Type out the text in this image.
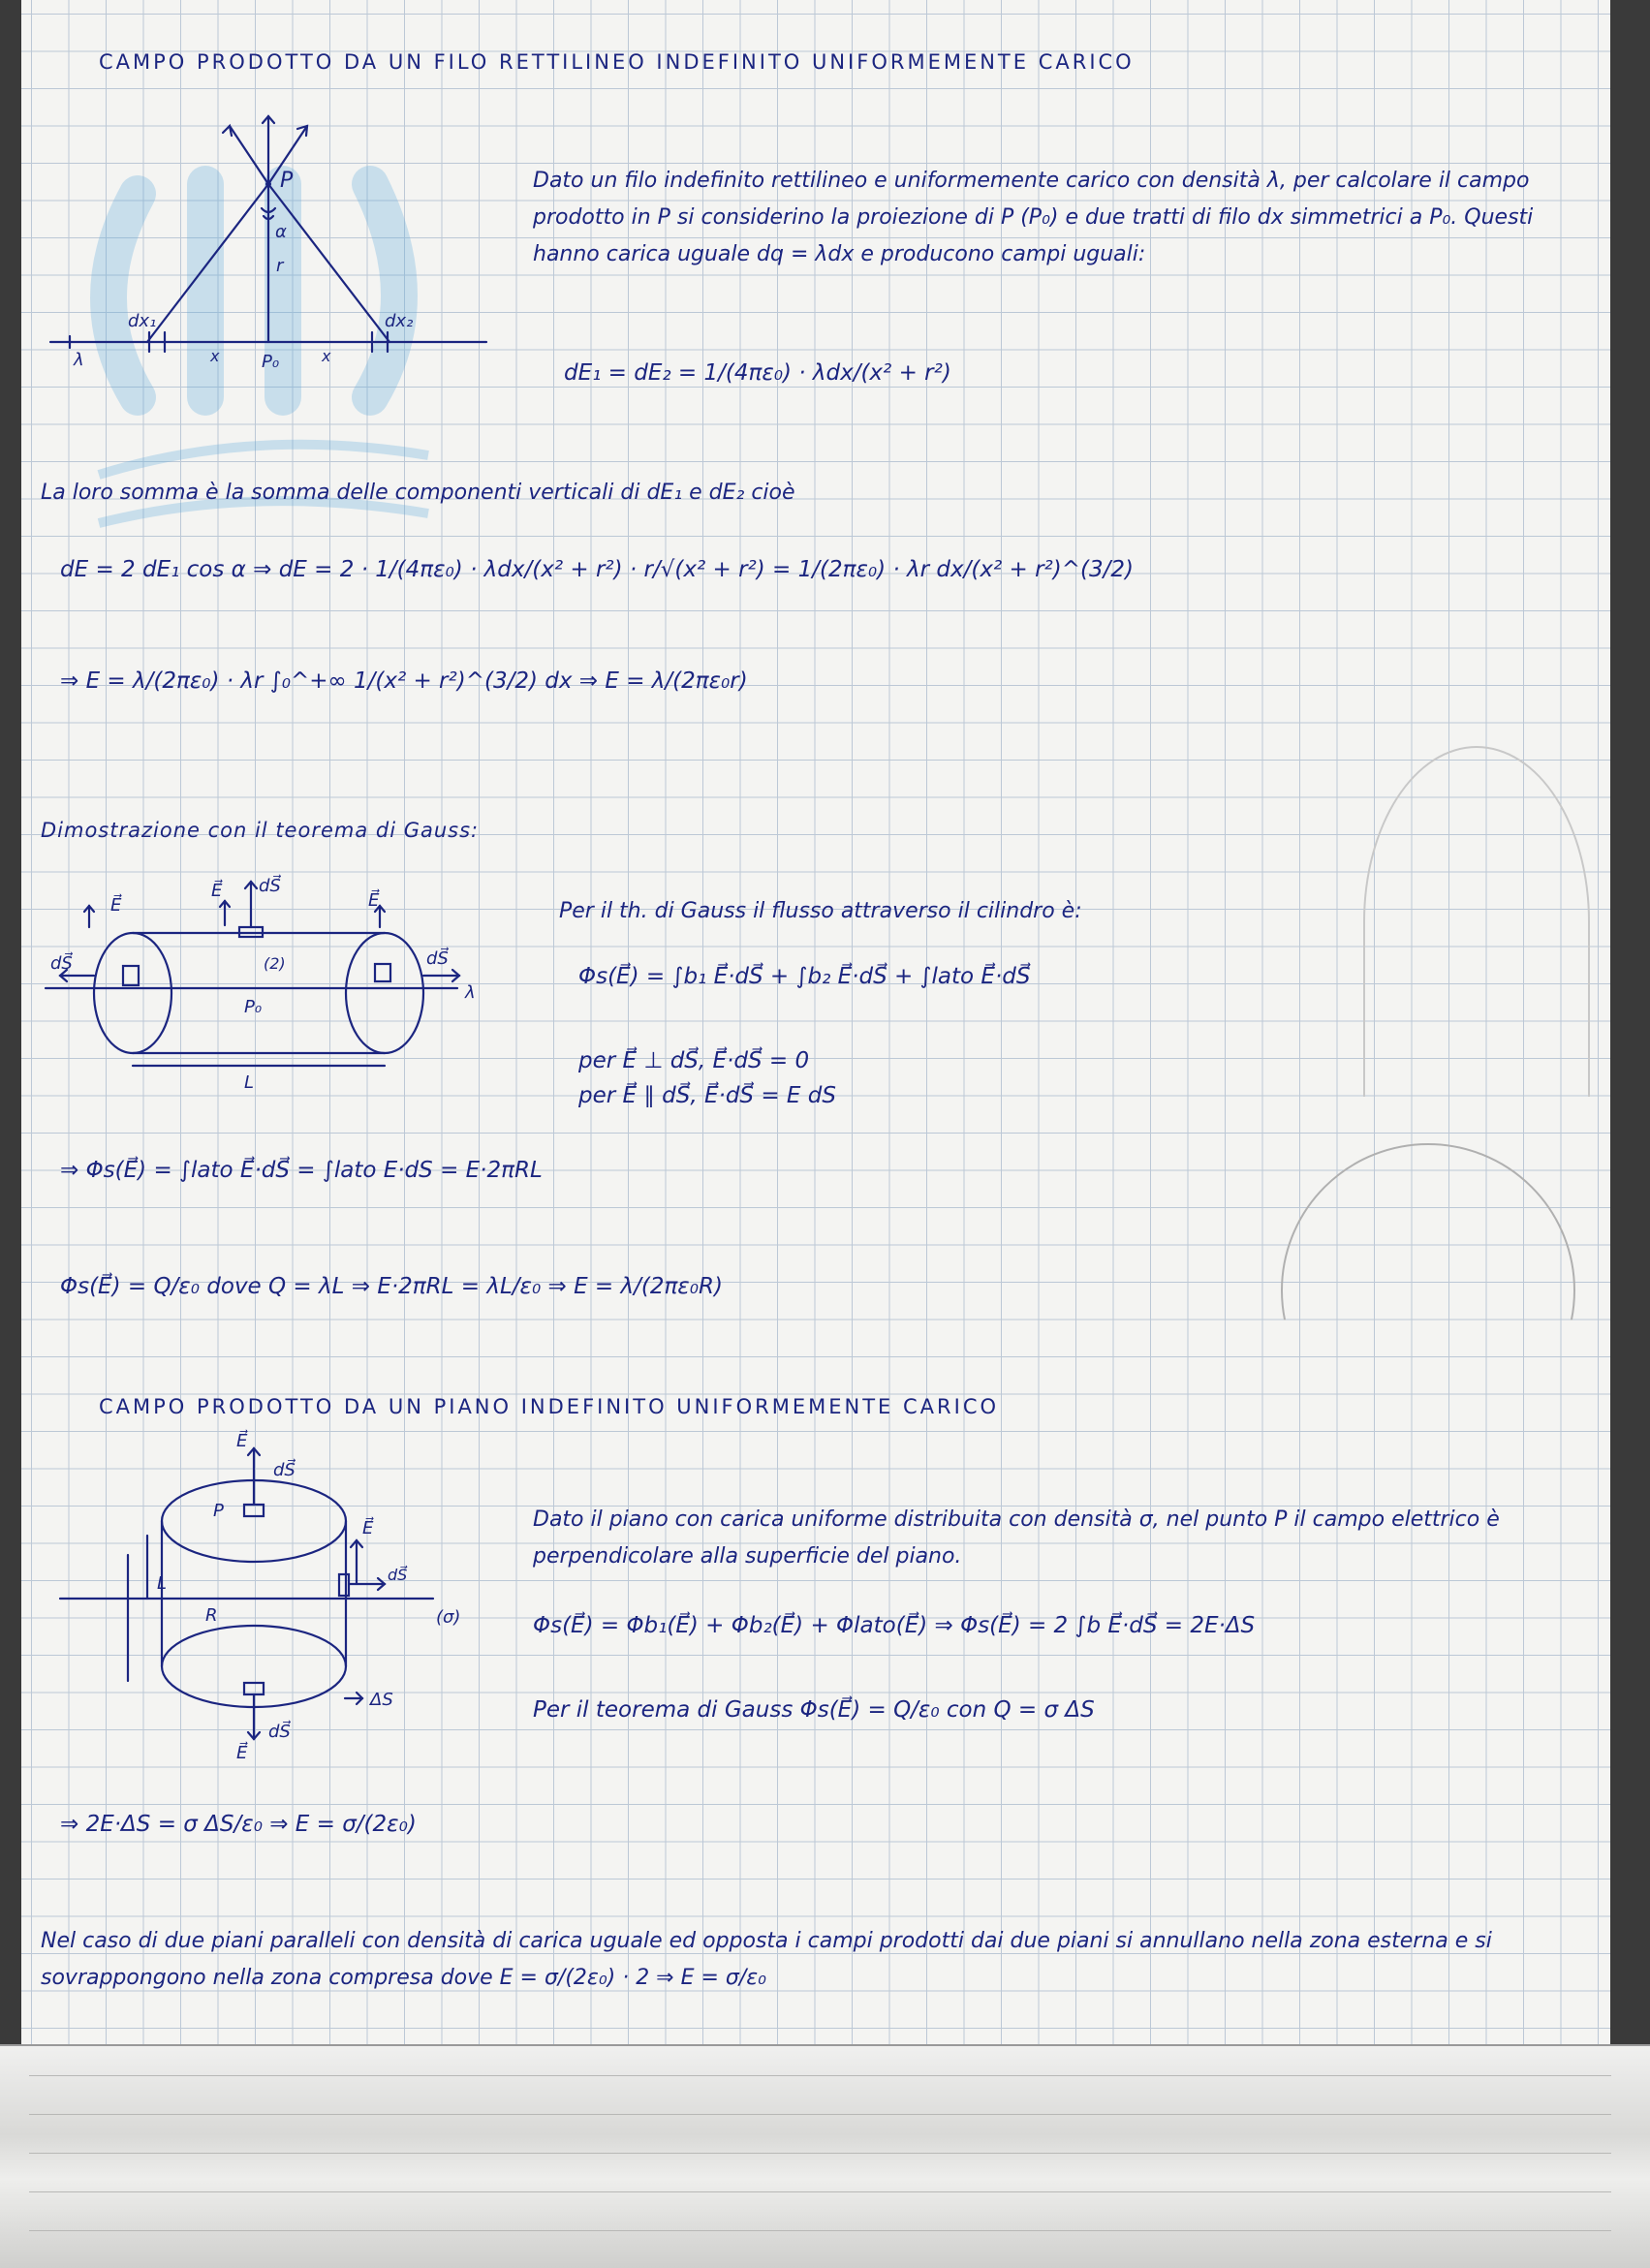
CAMPO PRODOTTO DA UN FILO RETTILINEO INDEFINITO UNIFORMEMENTE CARICO
P
α
r
dx₁	dx₂
x	x
P₀
λ
Dato un filo indefinito rettilineo e uniformemente carico con densità λ, per calcolare il campo prodotto in P si considerino la proiezione di P (P₀) e due tratti di filo dx simmetrici a P₀. Questi hanno carica uguale dq = λdx e producono campi uguali:
dE₁ = dE₂ = 1/(4πε₀) · λdx/(x² + r²)
La loro somma è la somma delle componenti verticali di dE₁ e dE₂ cioè
dE = 2 dE₁ cos α ⇒ dE = 2 · 1/(4πε₀) · λdx/(x² + r²) · r/√(x² + r²) = 1/(2πε₀) · λr dx/(x² + r²)^(3/2)
⇒ E = λ/(2πε₀) · λr ∫₀^+∞ 1/(x² + r²)^(3/2) dx ⇒ E = λ/(2πε₀r)
Dimostrazione con il teorema di Gauss:
E⃗
E⃗ dS⃗
E⃗
dS⃗	dS⃗
(2)
P₀
λ
L
Per il th. di Gauss il flusso attraverso il cilindro è:
Φs(E⃗) = ∫b₁ E⃗·dS⃗ + ∫b₂ E⃗·dS⃗ + ∫lato E⃗·dS⃗
per E⃗ ⊥ dS⃗, E⃗·dS⃗ = 0
per E⃗ ∥ dS⃗, E⃗·dS⃗ = E dS
⇒ Φs(E⃗) = ∫lato E⃗·dS⃗ = ∫lato E·dS = E·2πRL
Φs(E⃗) = Q/ε₀ dove Q = λL ⇒ E·2πRL = λL/ε₀ ⇒ E = λ/(2πε₀R)
CAMPO PRODOTTO DA UN PIANO INDEFINITO UNIFORMEMENTE CARICO
E⃗
dS⃗
P
E⃗
dS⃗
L
R	(σ)
ΔS
dS⃗
E⃗
Dato il piano con carica uniforme distribuita con densità σ, nel punto P il campo elettrico è perpendicolare alla superficie del piano.
Φs(E⃗) = Φb₁(E⃗) + Φb₂(E⃗) + Φlato(E⃗) ⇒ Φs(E⃗) = 2 ∫b E⃗·dS⃗ = 2E·ΔS
Per il teorema di Gauss Φs(E⃗) = Q/ε₀ con Q = σ ΔS
⇒ 2E·ΔS = σ ΔS/ε₀ ⇒ E = σ/(2ε₀)
Nel caso di due piani paralleli con densità di carica uguale ed opposta i campi prodotti dai due piani si annullano nella zona esterna e si sovrappongono nella zona compresa dove E = σ/(2ε₀) · 2 ⇒ E = σ/ε₀
